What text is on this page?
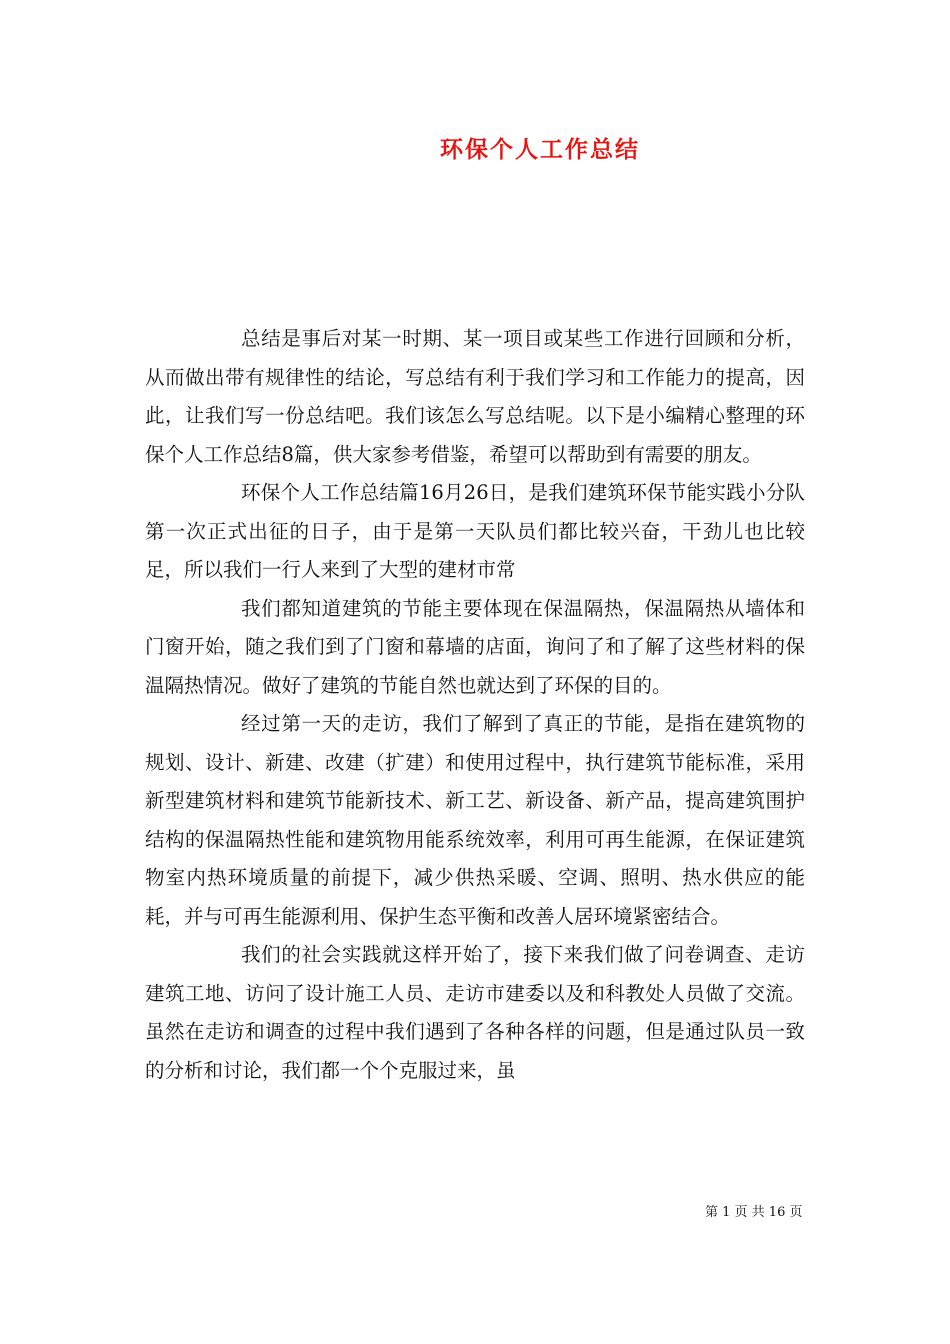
环保个人工作总结

总结是事后对某一时期、某一项目或某些工作进行回顾和分析，从而做出带有规律性的结论，写总结有利于我们学习和工作能力的提高，因此，让我们写一份总结吧。我们该怎么写总结呢。以下是小编精心整理的环保个人工作总结8篇，供大家参考借鉴，希望可以帮助到有需要的朋友。

环保个人工作总结篇16月26日，是我们建筑环保节能实践小分队第一次正式出征的日子，由于是第一天队员们都比较兴奋，干劲儿也比较足，所以我们一行人来到了大型的建材市常

我们都知道建筑的节能主要体现在保温隔热，保温隔热从墙体和门窗开始，随之我们到了门窗和幕墙的店面，询问了和了解了这些材料的保温隔热情况。做好了建筑的节能自然也就达到了环保的目的。

经过第一天的走访，我们了解到了真正的节能，是指在建筑物的规划、设计、新建、改建（扩建）和使用过程中，执行建筑节能标准，采用新型建筑材料和建筑节能新技术、新工艺、新设备、新产品，提高建筑围护结构的保温隔热性能和建筑物用能系统效率，利用可再生能源，在保证建筑物室内热环境质量的前提下，减少供热采暖、空调、照明、热水供应的能耗，并与可再生能源利用、保护生态平衡和改善人居环境紧密结合。

我们的社会实践就这样开始了，接下来我们做了问卷调查、走访建筑工地、访问了设计施工人员、走访市建委以及和科教处人员做了交流。虽然在走访和调查的过程中我们遇到了各种各样的问题，但是通过队员一致的分析和讨论，我们都一个个克服过来，虽

第 1 页 共 16 页
